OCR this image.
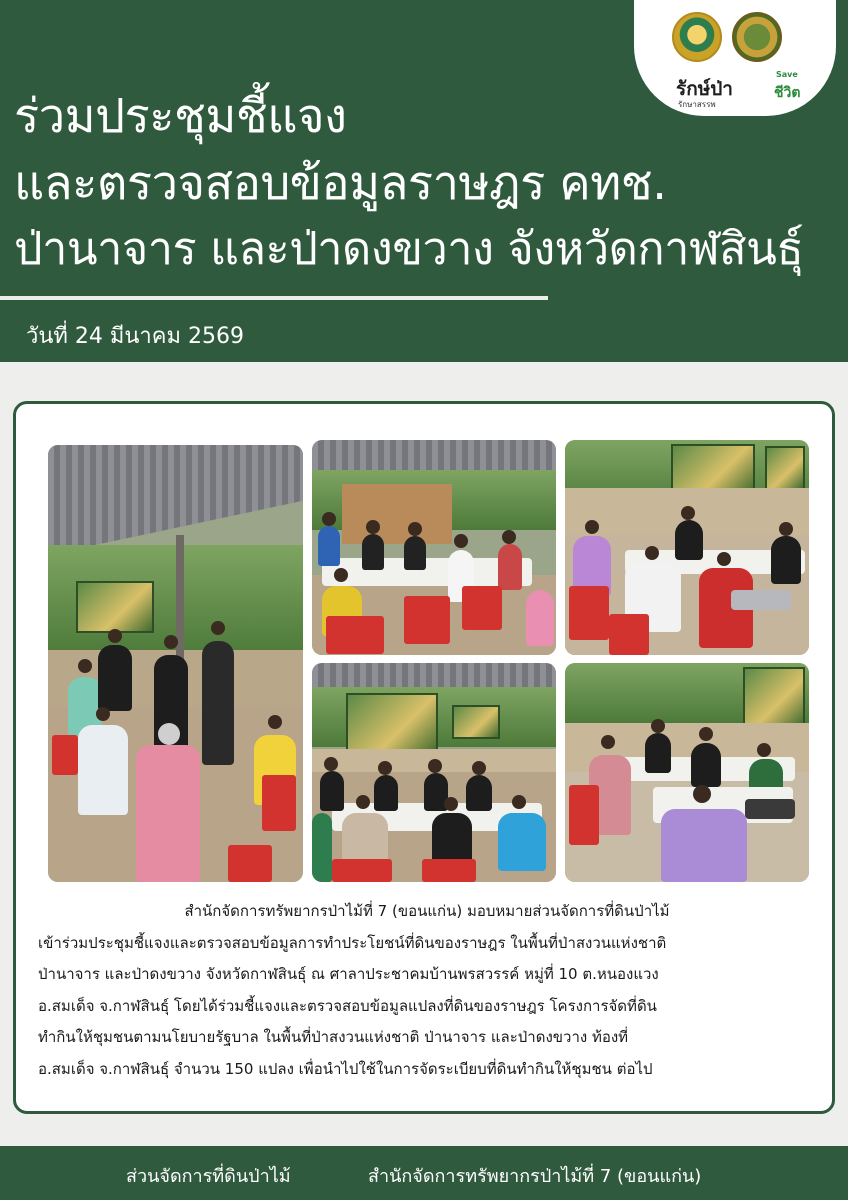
ร่วมประชุมชี้แจง
และตรวจสอบข้อมูลราษฎร คทช.
ป่านาจาร และป่าดงขวาง จังหวัดกาฬสินธุ์
วันที่ 24 มีนาคม 2569
รักษ์ป่า
Save
ชีวิต
รักษาสรรพ

สำนักจัดการทรัพยากรป่าไม้ที่ 7 (ขอนแก่น) มอบหมายส่วนจัดการที่ดินป่าไม้

เข้าร่วมประชุมชี้แจงและตรวจสอบข้อมูลการทำประโยชน์ที่ดินของราษฎร ในพื้นที่ป่าสงวนแห่งชาติ

ป่านาจาร และป่าดงขวาง จังหวัดกาฬสินธุ์ ณ ศาลาประชาคมบ้านพรสวรรค์ หมู่ที่ 10 ต.หนองแวง

อ.สมเด็จ จ.กาฬสินธุ์ โดยได้ร่วมชี้แจงและตรวจสอบข้อมูลแปลงที่ดินของราษฎร โครงการจัดที่ดิน

ทำกินให้ชุมชนตามนโยบายรัฐบาล ในพื้นที่ป่าสงวนแห่งชาติ ป่านาจาร และป่าดงขวาง ท้องที่

อ.สมเด็จ จ.กาฬสินธุ์ จำนวน 150 แปลง เพื่อนำไปใช้ในการจัดระเบียบที่ดินทำกินให้ชุมชน ต่อไป

ส่วนจัดการที่ดินป่าไม้	สำนักจัดการทรัพยากรป่าไม้ที่ 7 (ขอนแก่น)
